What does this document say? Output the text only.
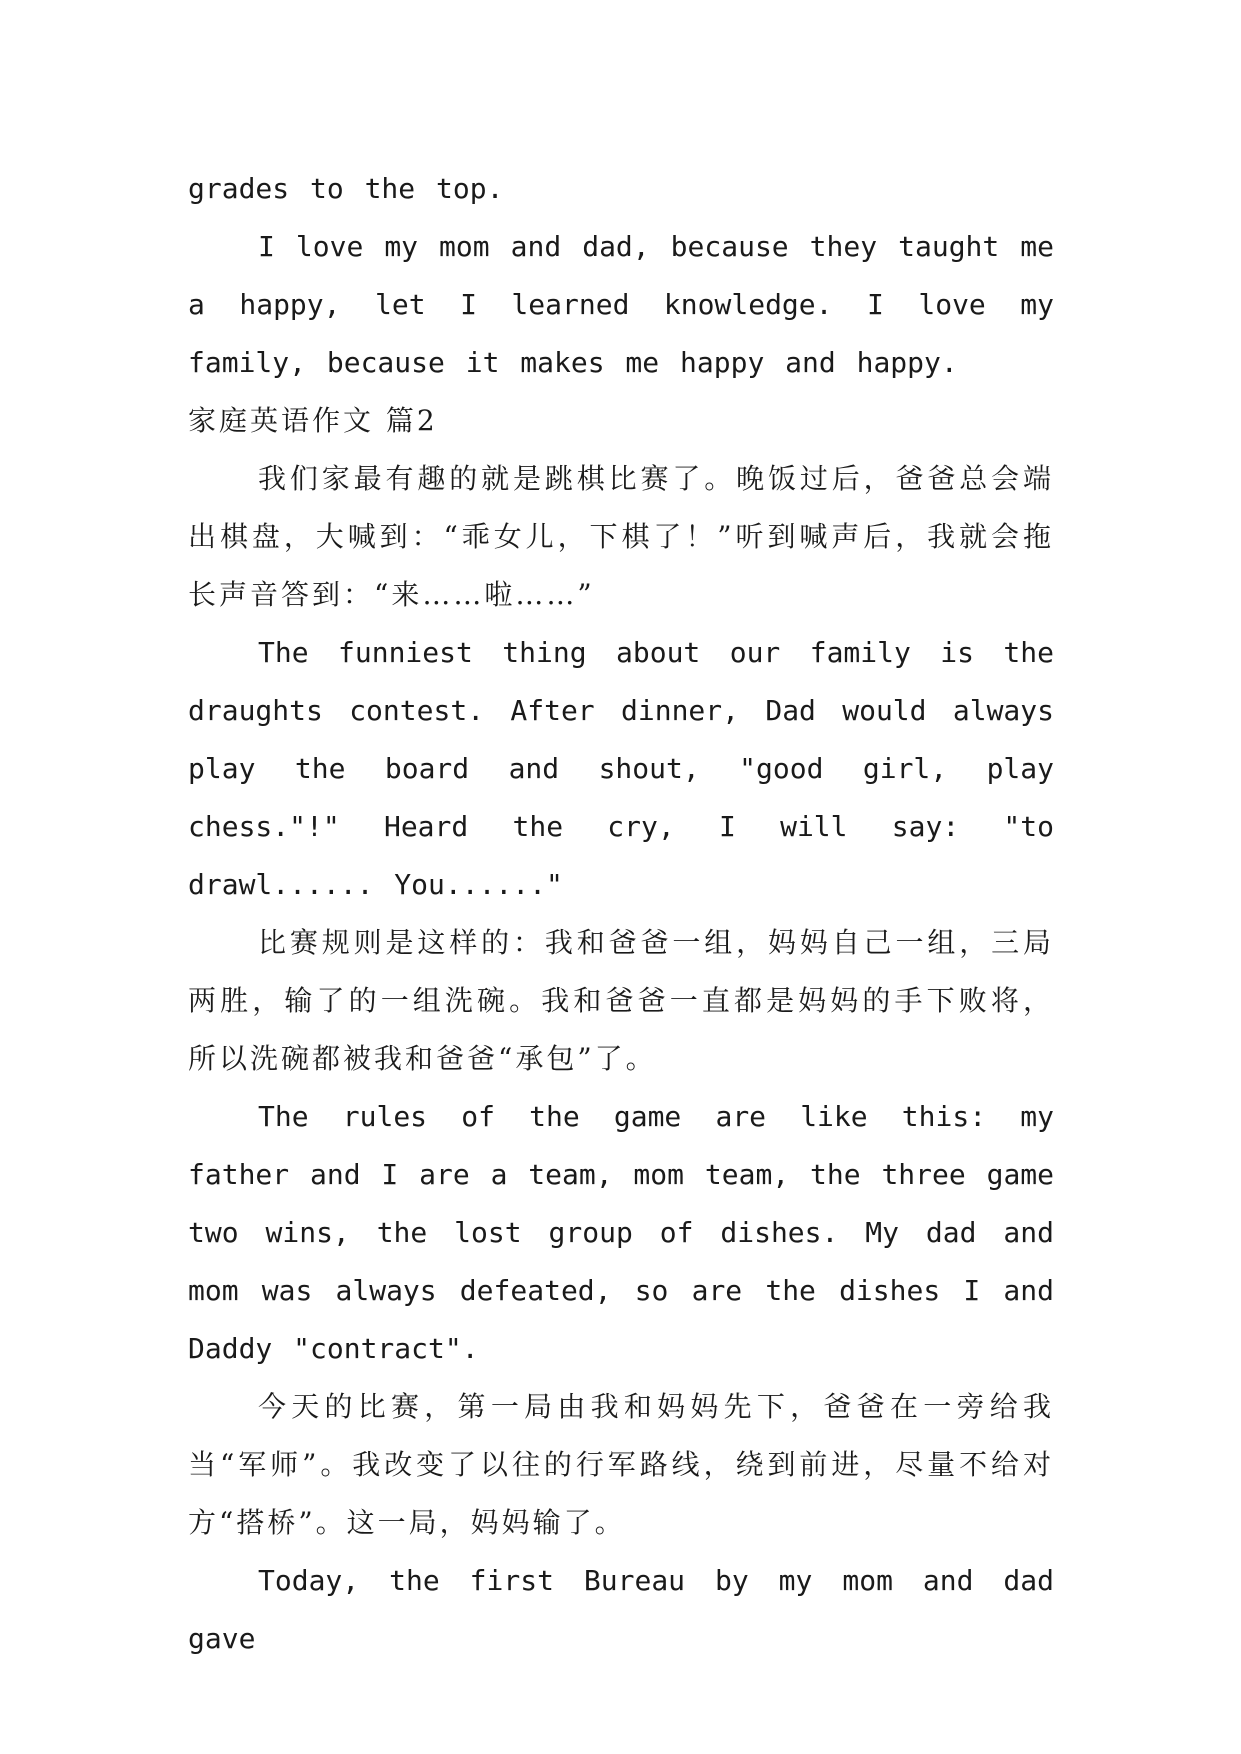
grades to the top.

I love my mom and dad, because they taught me a happy, let I learned knowledge. I love my family, because it makes me happy and happy.

家庭英语作文 篇2

我们家最有趣的就是跳棋比赛了。晚饭过后，爸爸总会端出棋盘，大喊到：“乖女儿，下棋了！”听到喊声后，我就会拖长声音答到：“来……啦……”

The funniest thing about our family is the draughts contest. After dinner, Dad would always play the board and shout, "good girl, play chess."!" Heard the cry, I will say: "to drawl...... You......"

比赛规则是这样的：我和爸爸一组，妈妈自己一组，三局两胜，输了的一组洗碗。我和爸爸一直都是妈妈的手下败将，所以洗碗都被我和爸爸“承包”了。

The rules of the game are like this: my father and I are a team, mom team, the three game two wins, the lost group of dishes. My dad and mom was always defeated, so are the dishes I and Daddy "contract".

今天的比赛，第一局由我和妈妈先下，爸爸在一旁给我当“军师”。我改变了以往的行军路线，绕到前进，尽量不给对方“搭桥”。这一局，妈妈输了。

Today, the first Bureau by my mom and dad gave
